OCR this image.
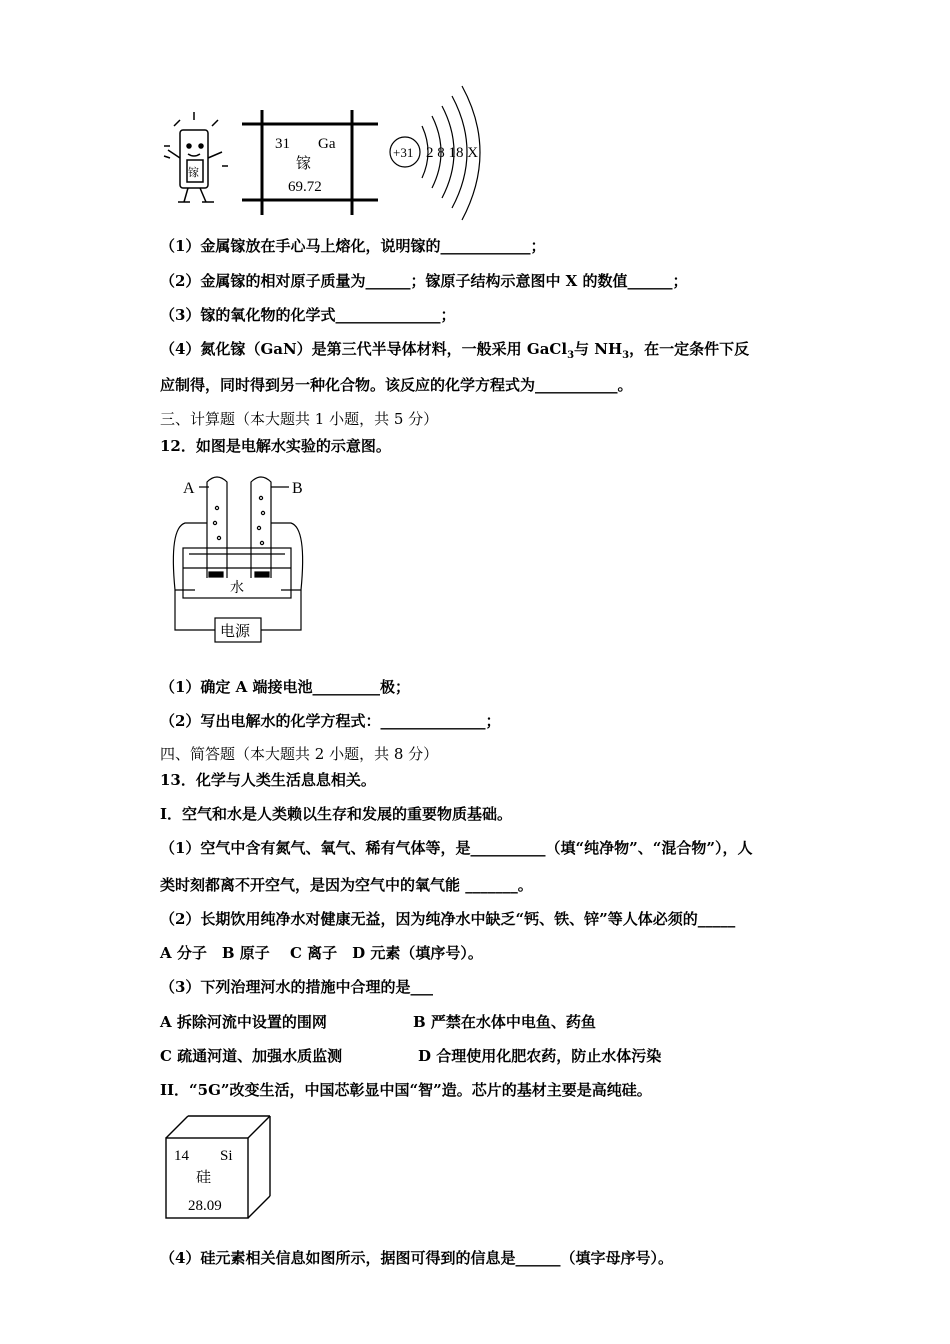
镓
31 Ga
镓
69.72
+31 2 8 18 X
（1）金属镓放在手心马上熔化，说明镓的____________；
（2）金属镓的相对原子质量为______；镓原子结构示意图中 X 的数值______；
（3）镓的氧化物的化学式______________；
（4）氮化镓（GaN）是第三代半导体材料，一般采用 GaCl$_3$与 $NH_3$，在一定条件下反
应制得，同时得到另一种化合物。该反应的化学方程式为___________。
三、计算题（本大题共 1 小题，共 5 分）
12．如图是电解水实验的示意图。
A	B
水
电源
（1）确定 A 端接电池_________极；
（2）写出电解水的化学方程式：______________；
四、简答题（本大题共 2 小题，共 8 分）
13．化学与人类生活息息相关。
I．空气和水是人类赖以生存和发展的重要物质基础。
（1）空气中含有氮气、氧气、稀有气体等，是__________（填“纯净物”、“混合物”），人
类时刻都离不开空气，是因为空气中的氧气能 _______。
（2）长期饮用纯净水对健康无益，因为纯净水中缺乏“钙、铁、锌”等人体必须的_____
A 分子　B 原子　 C 离子　D 元素（填序号）。
（3）下列治理河水的措施中合理的是___
A 拆除河流中设置的围网	B 严禁在水体中电鱼、药鱼
C 疏通河道、加强水质监测	D 合理使用化肥农药，防止水体污染
II．“5G”改变生活，中国芯彰显中国“智”造。芯片的基材主要是高纯硅。
14 Si
硅
28.09
（4）硅元素相关信息如图所示，据图可得到的信息是______（填字母序号）。
